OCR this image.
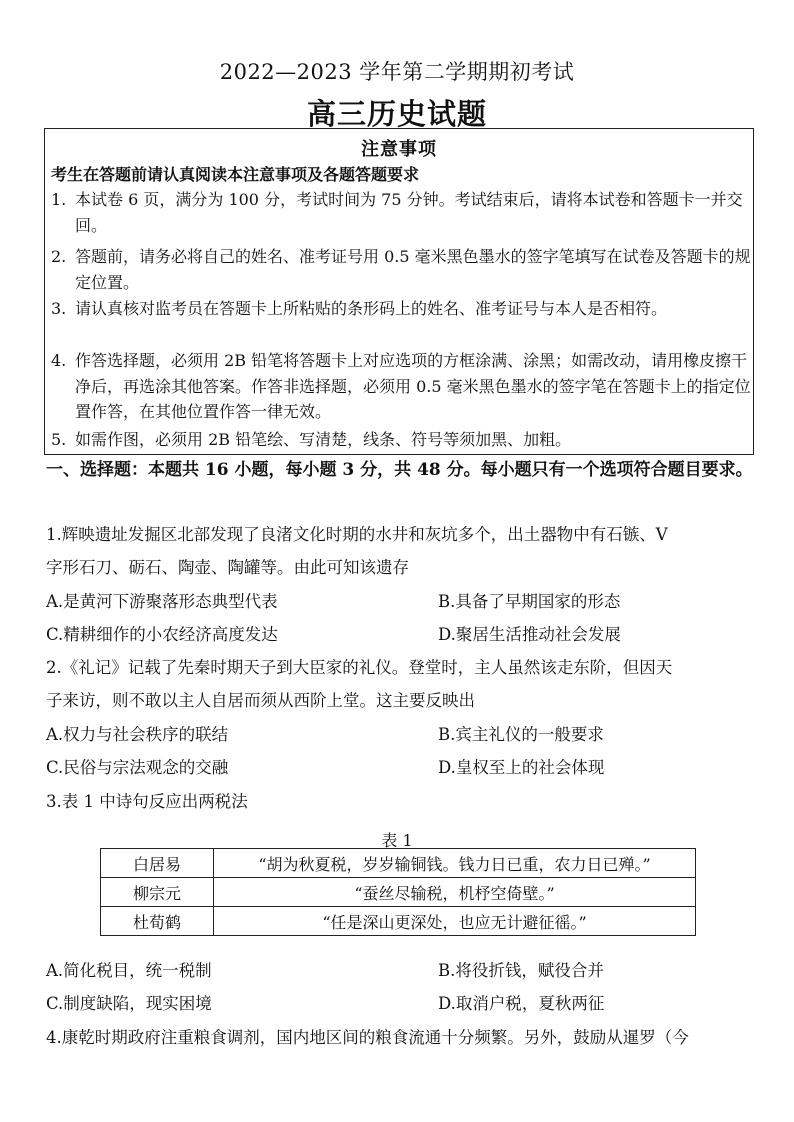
2022—2023 学年第二学期期初考试
高三历史试题
注意事项
考生在答题前请认真阅读本注意事项及各题答题要求
1. 本试卷 6 页，满分为 100 分，考试时间为 75 分钟。考试结束后，请将本试卷和答题卡一并交回。
2. 答题前，请务必将自己的姓名、准考证号用 0.5 毫米黑色墨水的签字笔填写在试卷及答题卡的规定位置。
3. 请认真核对监考员在答题卡上所粘贴的条形码上的姓名、准考证号与本人是否相符。
4. 作答选择题，必须用 2B 铅笔将答题卡上对应选项的方框涂满、涂黑；如需改动，请用橡皮擦干净后，再选涂其他答案。作答非选择题，必须用 0.5 毫米黑色墨水的签字笔在答题卡上的指定位置作答，在其他位置作答一律无效。
5. 如需作图，必须用 2B 铅笔绘、写清楚，线条、符号等须加黑、加粗。
一、选择题：本题共 16 小题，每小题 3 分，共 48 分。每小题只有一个选项符合题目要求。
1.辉映遗址发掘区北部发现了良渚文化时期的水井和灰坑多个，出土器物中有石镞、V
字形石刀、砺石、陶壶、陶罐等。由此可知该遗存
A.是黄河下游聚落形态典型代表	B.具备了早期国家的形态
C.精耕细作的小农经济高度发达	D.聚居生活推动社会发展
2.《礼记》记载了先秦时期天子到大臣家的礼仪。登堂时，主人虽然该走东阶，但因天
子来访，则不敢以主人自居而须从西阶上堂。这主要反映出
A.权力与社会秩序的联结	B.宾主礼仪的一般要求
C.民俗与宗法观念的交融	D.皇权至上的社会体现
3.表 1 中诗句反应出两税法
表 1
白居易	“胡为秋夏税，岁岁输铜钱。钱力日已重，农力日已殚。”
柳宗元	“蚕丝尽输税，机杼空倚壁。”
杜荀鹤	“任是深山更深处，也应无计避征徭。”
A.简化税目，统一税制	B.将役折钱，赋役合并
C.制度缺陷，现实困境	D.取消户税，夏秋两征
4.康乾时期政府注重粮食调剂，国内地区间的粮食流通十分频繁。另外，鼓励从暹罗（今
